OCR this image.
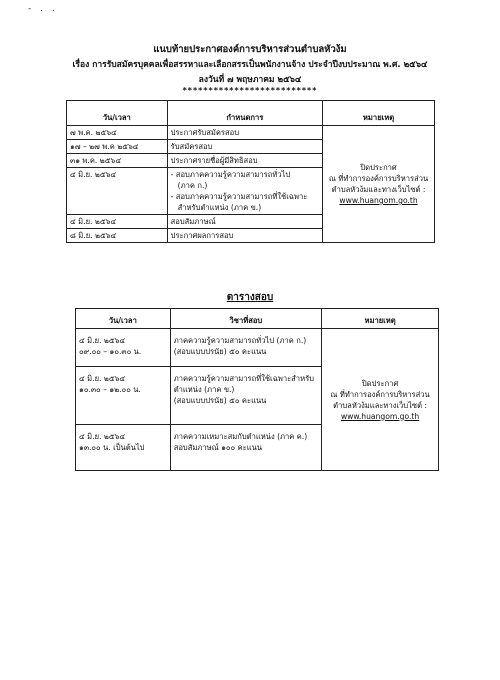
- . .
แนบท้ายประกาศองค์การบริหารส่วนตำบลหัวง้ม
เรื่อง การรับสมัครบุคคลเพื่อสรรหาและเลือกสรรเป็นพนักงานจ้าง ประจำปีงบประมาณ พ.ศ. ๒๕๖๔
ลงวันที่ ๗ พฤษภาคม ๒๕๖๔
**************************
วัน/เวลา	กำหนดการ	หมายเหตุ
๗ พ.ค. ๒๕๖๔	ประกาศรับสมัครสอบ	ปิดประกาศ
ณ ที่ทำการองค์การบริหารส่วน
ตำบลหัวง้มและทางเว็บไซต์ :
www.huangom.go.th

๑๗ – ๒๗ พ.ค ๒๕๖๔	รับสมัครสอบ	
๓๑ พ.ค. ๒๕๖๔	ประกาศรายชื่อผู้มีสิทธิสอบ	
๔ มิ.ย. ๒๕๖๔	- สอบภาคความรู้ความสามารถทั่วไป
(ภาค ก.)
- สอบภาคความรู้ความสามารถที่ใช้เฉพาะ
สำหรับตำแหน่ง (ภาค ข.)	

๔ มิ.ย. ๒๕๖๔	สอบสัมภาษณ์	
๘ มิ.ย. ๒๕๖๔	ประกาศผลการสอบ	
ตารางสอบ
วัน/เวลา	วิชาที่สอบ	หมายเหตุ

๔ มิ.ย. ๒๕๖๔
๐๙.๐๐ – ๑๐.๓๐ น.	ภาคความรู้ความสามารถทั่วไป (ภาค ก.)
(สอบแบบปรนัย) ๕๐ คะแนน	ปิดประกาศ
ณ ที่ทำการองค์การบริหารส่วน
ตำบลหัวง้มและทางเว็บไซต์ :
www.huangom.go.th

๔ มิ.ย. ๒๕๖๔
๑๐.๓๐ – ๑๒.๐๐ น.	ภาคความรู้ความสามารถที่ใช้เฉพาะสำหรับ
ตำแหน่ง (ภาค ข.)
(สอบแบบปรนัย) ๕๐ คะแนน	

๔ มิ.ย. ๒๕๖๔
๑๓.๐๐ น. เป็นต้นไป	ภาคความเหมาะสมกับตำแหน่ง (ภาค ค.)
สอบสัมภาษณ์ ๑๐๐ คะแนน	
